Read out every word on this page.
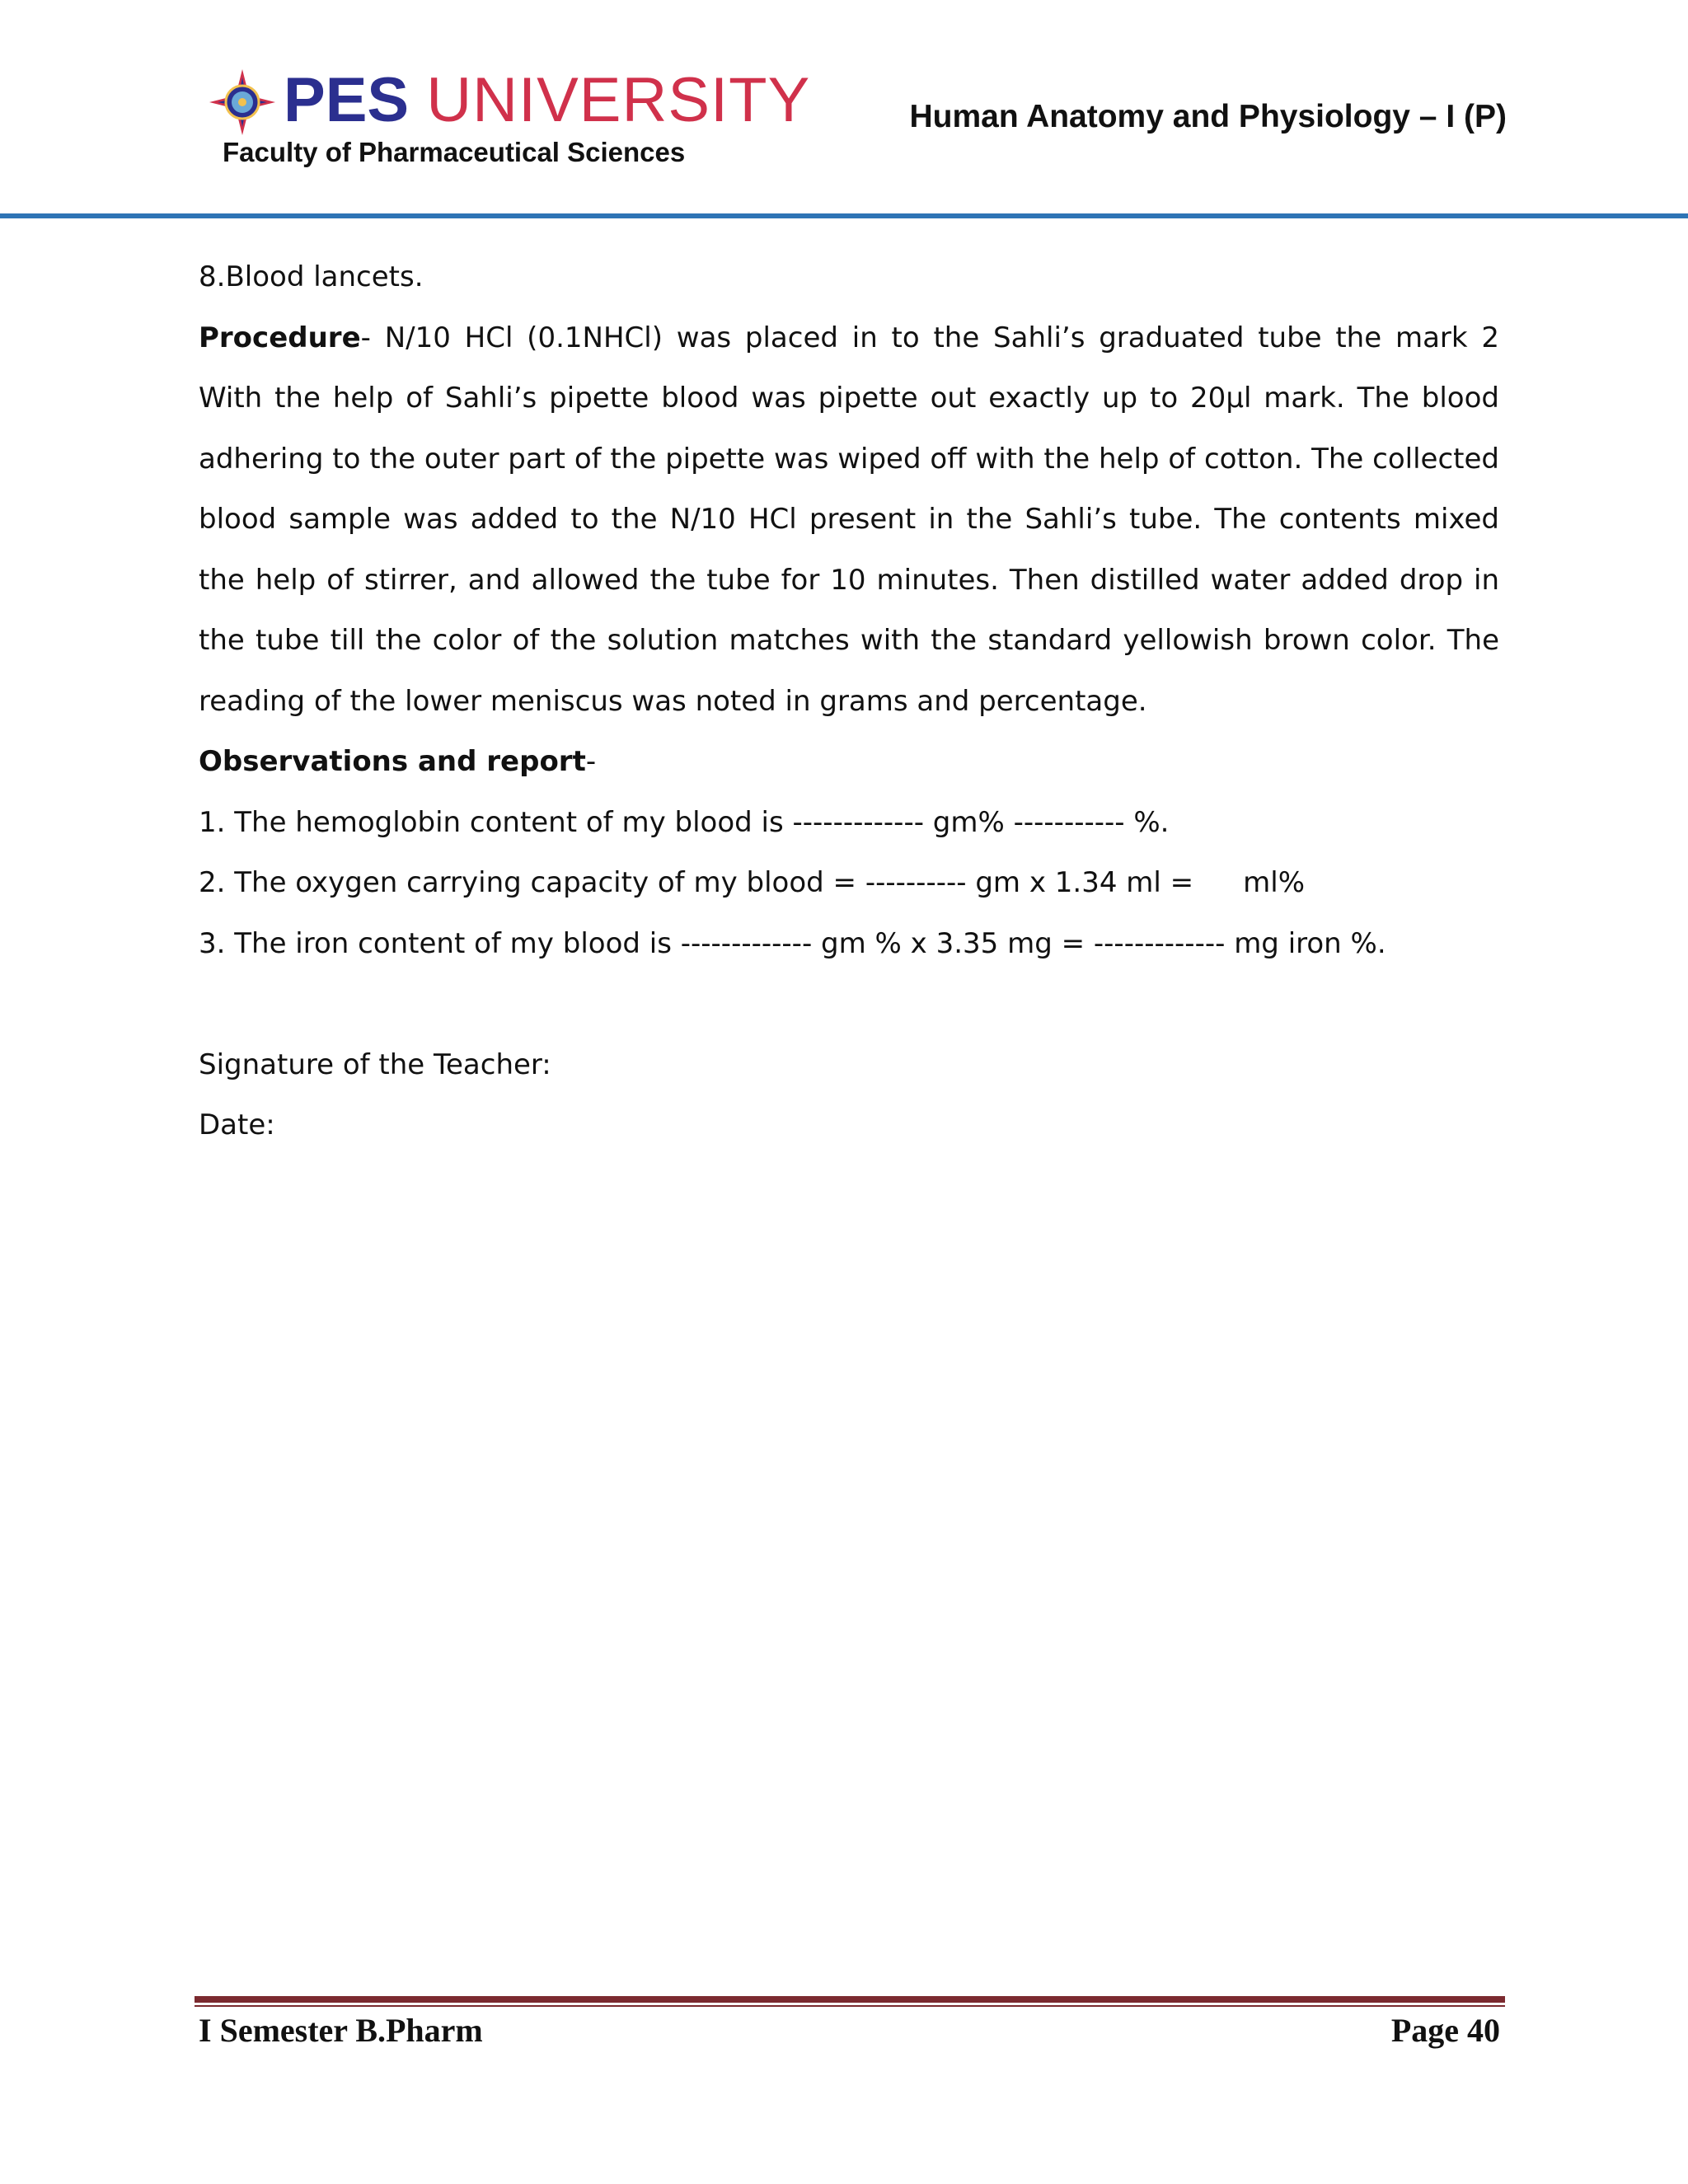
PES UNIVERSITY
Faculty of Pharmaceutical Sciences
Human Anatomy and Physiology – I (P)
8.Blood lancets.
Procedure- N/10 HCl (0.1NHCl) was placed in to the Sahli’s graduated tube the mark 2
With the help of Sahli’s pipette blood was pipette out exactly up to 20µl mark. The blood
adhering to the outer part of the pipette was wiped off with the help of cotton. The collected
blood sample was added to the N/10 HCl present in the Sahli’s tube. The contents mixed
the help of stirrer, and allowed the tube for 10 minutes. Then distilled water added drop in
the tube till the color of the solution matches with the standard yellowish brown color. The
reading of the lower meniscus was noted in grams and percentage.
Observations and report-
1. The hemoglobin content of my blood is ------------- gm% ----------- %.
2. The oxygen carrying capacity of my blood = ---------- gm x 1.34 ml = ml%
3. The iron content of my blood is ------------- gm % x 3.35 mg = ------------- mg iron %.
Signature of the Teacher:
Date:
I Semester B.Pharm	Page 40
